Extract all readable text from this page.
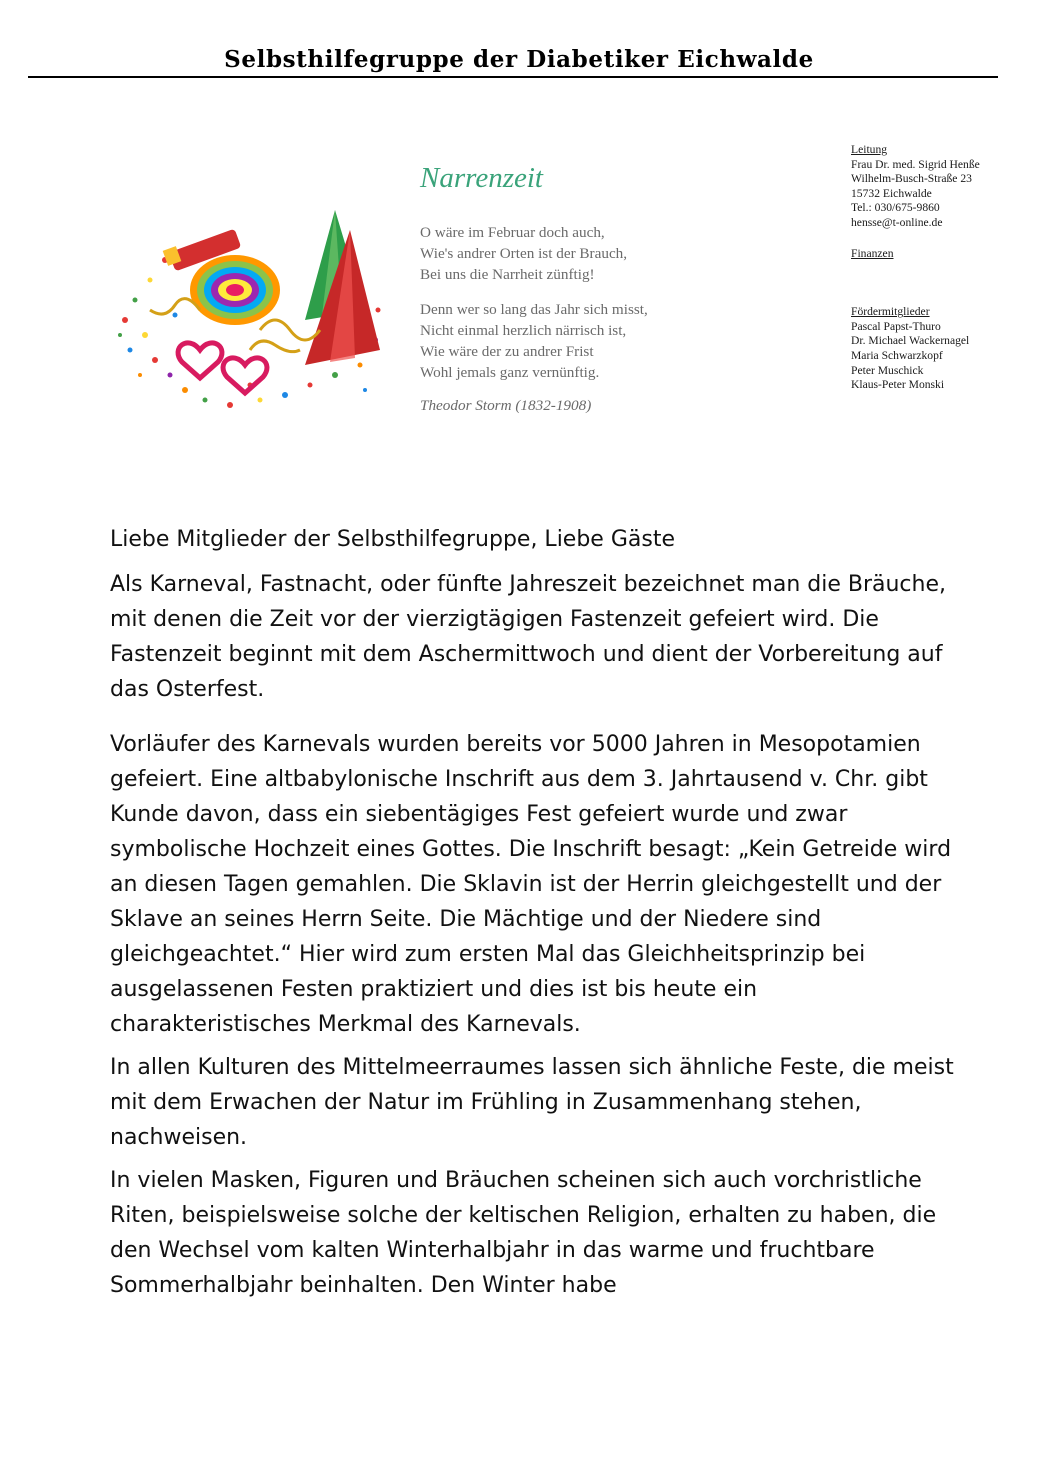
Selbsthilfegruppe der Diabetiker Eichwalde
Narrenzeit
O wäre im Februar doch auch,
Wie's andrer Orten ist der Brauch,
Bei uns die Narrheit zünftig!
Denn wer so lang das Jahr sich misst,
Nicht einmal herzlich närrisch ist,
Wie wäre der zu andrer Frist
Wohl jemals ganz vernünftig.
Theodor Storm (1832-1908)
Leitung
Frau Dr. med. Sigrid Henße
Wilhelm-Busch-Straße 23
15732 Eichwalde
Tel.: 030/675-9860
hensse@t-online.de
Finanzen
Fördermitglieder
Pascal Papst-Thuro
Dr. Michael Wackernagel
Maria Schwarzkopf
Peter Muschick
Klaus-Peter Monski

Liebe Mitglieder der Selbsthilfegruppe, Liebe Gäste

Als Karneval, Fastnacht, oder fünfte Jahreszeit bezeichnet man die Bräuche, mit denen die Zeit vor der vierzigtägigen Fastenzeit gefeiert wird. Die Fastenzeit beginnt mit dem Aschermittwoch und dient der Vorbereitung auf das Osterfest.

Vorläufer des Karnevals wurden bereits vor 5000 Jahren in Mesopotamien gefeiert. Eine altbabylonische Inschrift aus dem 3. Jahrtausend v. Chr. gibt Kunde davon, dass ein siebentägiges Fest gefeiert wurde und zwar symbolische Hochzeit eines Gottes. Die Inschrift besagt: „Kein Getreide wird an diesen Tagen gemahlen. Die Sklavin ist der Herrin gleichgestellt und der Sklave an seines Herrn Seite. Die Mächtige und der Niedere sind gleichgeachtet.“ Hier wird zum ersten Mal das Gleichheitsprinzip bei ausgelassenen Festen praktiziert und dies ist bis heute ein charakteristisches Merkmal des Karnevals.

In allen Kulturen des Mittelmeerraumes lassen sich ähnliche Feste, die meist mit dem Erwachen der Natur im Frühling in Zusammenhang stehen, nachweisen.

In vielen Masken, Figuren und Bräuchen scheinen sich auch vorchristliche Riten, beispielsweise solche der keltischen Religion, erhalten zu haben, die den Wechsel vom kalten Winterhalbjahr in das warme und fruchtbare Sommerhalbjahr beinhalten. Den Winter habe
